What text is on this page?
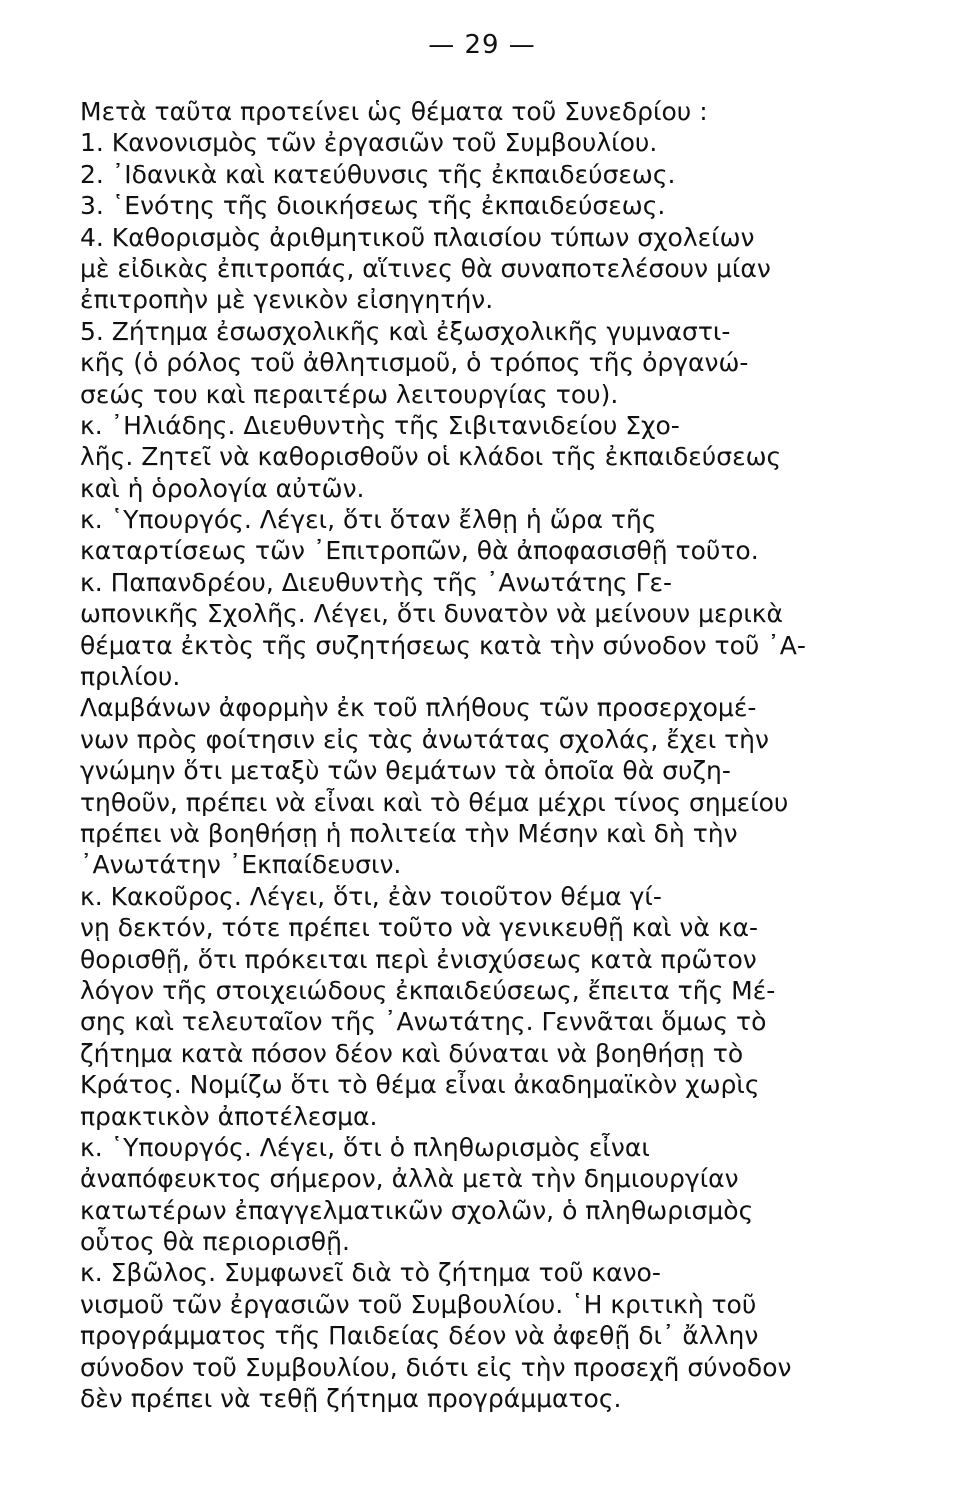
— 29 —
Μετὰ ταῦτα προτείνει ὡς θέματα τοῦ Συνεδρίου :
1. Κανονισμὸς τῶν ἐργασιῶν τοῦ Συμβουλίου.
2. ᾿Ιδανικὰ καὶ κατεύθυνσις τῆς ἐκπαιδεύσεως.
3. ῾Ενότης τῆς διοικήσεως τῆς ἐκπαιδεύσεως.
4. Καθορισμὸς ἀριθμητικοῦ πλαισίου τύπων σχολείων
μὲ εἰδικὰς ἐπιτροπάς, αἵτινες θὰ συναποτελέσουν μίαν
ἐπιτροπὴν μὲ γενικὸν εἰσηγητήν.
5. Ζήτημα ἐσωσχολικῆς καὶ ἐξωσχολικῆς γυμναστι-
κῆς (ὁ ρόλος τοῦ ἀθλητισμοῦ, ὁ τρόπος τῆς ὀργανώ-
σεώς του καὶ περαιτέρω λειτουργίας του).
κ. ᾿Ηλιάδης. Διευθυντὴς τῆς Σιβιτανιδείου Σχο-
λῆς. Ζητεῖ νὰ καθορισθοῦν οἱ κλάδοι τῆς ἐκπαιδεύσεως
καὶ ἡ ὁρολογία αὐτῶν.
κ. ῾Υπουργός. Λέγει, ὅτι ὅταν ἔλθῃ ἡ ὥρα τῆς
καταρτίσεως τῶν ᾿Επιτροπῶν, θὰ ἀποφασισθῇ τοῦτο.
κ. Παπανδρέου, Διευθυντὴς τῆς ᾿Ανωτάτης Γε-
ωπονικῆς Σχολῆς. Λέγει, ὅτι δυνατὸν νὰ μείνουν μερικὰ
θέματα ἐκτὸς τῆς συζητήσεως κατὰ τὴν σύνοδον τοῦ ᾿Α-
πριλίου.
Λαμβάνων ἀφορμὴν ἐκ τοῦ πλήθους τῶν προσερχομέ-
νων πρὸς φοίτησιν εἰς τὰς ἀνωτάτας σχολάς, ἔχει τὴν
γνώμην ὅτι μεταξὺ τῶν θεμάτων τὰ ὁποῖα θὰ συζη-
τηθοῦν, πρέπει νὰ εἶναι καὶ τὸ θέμα μέχρι τίνος σημείου
πρέπει νὰ βοηθήσῃ ἡ πολιτεία τὴν Μέσην καὶ δὴ τὴν
᾿Ανωτάτην ᾿Εκπαίδευσιν.
κ. Κακοῦρος. Λέγει, ὅτι, ἐὰν τοιοῦτον θέμα γί-
νῃ δεκτόν, τότε πρέπει τοῦτο νὰ γενικευθῇ καὶ νὰ κα-
θορισθῇ, ὅτι πρόκειται περὶ ἐνισχύσεως κατὰ πρῶτον
λόγον τῆς στοιχειώδους ἐκπαιδεύσεως, ἔπειτα τῆς Μέ-
σης καὶ τελευταῖον τῆς ᾿Ανωτάτης. Γεννᾶται ὅμως τὸ
ζήτημα κατὰ πόσον δέον καὶ δύναται νὰ βοηθήσῃ τὸ
Κράτος. Νομίζω ὅτι τὸ θέμα εἶναι ἀκαδημαϊκὸν χωρὶς
πρακτικὸν ἀποτέλεσμα.
κ. ῾Υπουργός. Λέγει, ὅτι ὁ πληθωρισμὸς εἶναι
ἀναπόφευκτος σήμερον, ἀλλὰ μετὰ τὴν δημιουργίαν
κατωτέρων ἐπαγγελματικῶν σχολῶν, ὁ πληθωρισμὸς
οὗτος θὰ περιορισθῇ.
κ. Σβῶλος. Συμφωνεῖ διὰ τὸ ζήτημα τοῦ κανο-
νισμοῦ τῶν ἐργασιῶν τοῦ Συμβουλίου. ῾Η κριτικὴ τοῦ
προγράμματος τῆς Παιδείας δέον νὰ ἀφεθῇ δι᾿ ἄλλην
σύνοδον τοῦ Συμβουλίου, διότι εἰς τὴν προσεχῆ σύνοδον
δὲν πρέπει νὰ τεθῇ ζήτημα προγράμματος.
